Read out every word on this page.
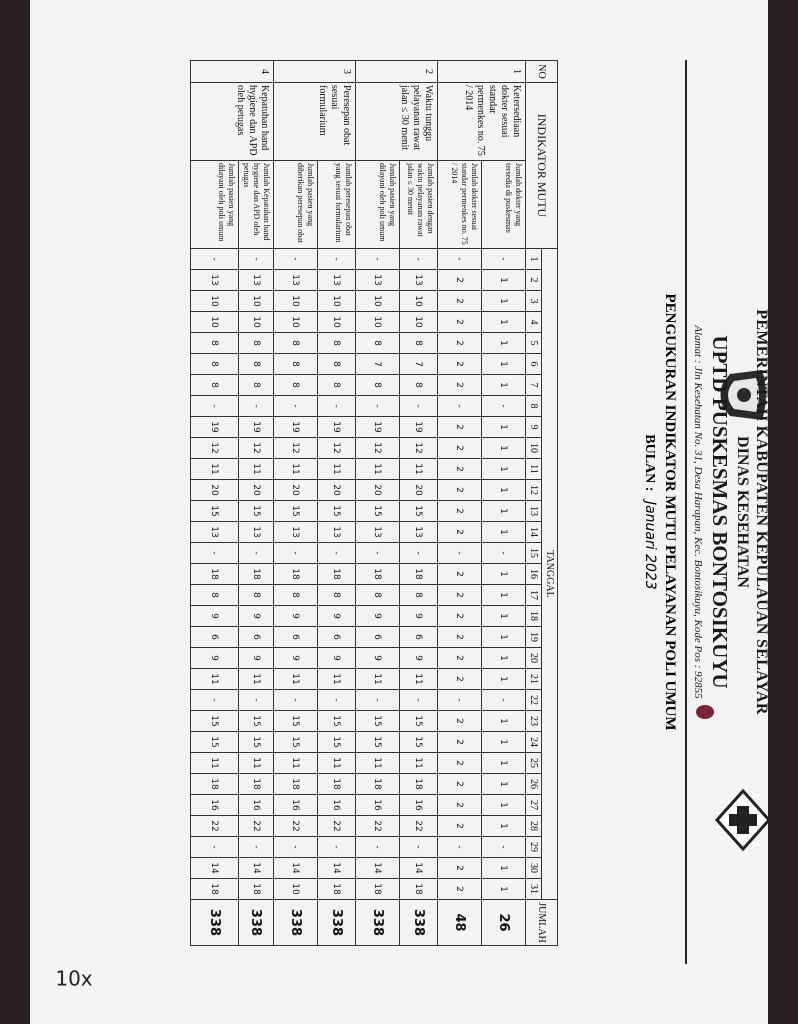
PEMERINTAH KABUPATEN KEPULAUAN SELAYAR
DINAS KESEHATAN
UPTD PUSKESMAS BONTOSIKUYU
Alamat : Jln Kesehatan No. 31, Desa Harapan, Kec. Bontosikuyu, Kode Pos : 92855
PENGUKURAN INDIKATOR MUTU PELAYANAN POLI UMUM
BULAN : Januari 2023
NO	INDIKATOR MUTU		TANGGAL																															JUMLAH
			1	2	3	4	5	6	7	8	9	10	11	12	13	14	15	16	17	18	19	20	21	22	23	24	25	26	27	28	29	30	31	
1	Ketersediaan dokter sesuai standar permenkes no. 75 / 2014	Jumlah dokter yang tersedia di puskesmas	-	1	1	1	1	1	1	-	1	1	1	1	1	1	-	1	1	1	1	1	1	-	1	1	1	1	1	1	-	1	1	26
		Jumlah dokter sesuai standar permenkes no. 75 / 2014	-	2	2	2	2	2	2	-	2	2	2	2	2	2	-	2	2	2	2	2	2	-	2	2	2	2	2	2	-	2	2	48
2	Waktu tunggu pelayanan rawat jalan ≤ 30 menit	Jumlah pasien dengan waktu pelayanan rawat jalan ≤ 30 menit	-	13	10	10	8	7	8	-	19	12	11	20	15	13	-	18	8	9	6	9	11	-	15	15	11	18	16	22	-	14	18	338
		Jumlah pasien yang dilayani oleh poli umum	-	13	10	10	8	7	8	-	19	12	11	20	15	13	-	18	8	9	6	9	11	-	15	15	11	18	16	22	-	14	18	338
3	Peresepan obat sesuai formularium	Jumlah peresepan obat yang sesuai formularium	-	13	10	10	8	8	8	-	19	12	11	20	15	13	-	18	8	9	6	9	11	-	15	15	11	18	16	22	-	14	18	338
		Jumlah pasien yang diberikan peresepan obat	-	13	10	10	8	8	8	-	19	12	11	20	15	13	-	18	8	9	6	9	11	-	15	15	11	18	16	22	-	14	10	338
4	Kepatuhan hand hygiene dan APD oleh petugas	Jumlah Kepatuhan hand hygiene dan APD oleh petugas	-	13	10	10	8	8	8	-	19	12	11	20	15	13	-	18	8	9	6	9	11	-	15	15	11	18	16	22	-	14	18	338
		Jumlah pasien yang dilayani oleh poli umum	-	13	10	10	8	8	8	-	19	12	11	20	15	13	-	18	8	9	6	9	11	-	15	15	11	18	16	22	-	14	18	338
10x
